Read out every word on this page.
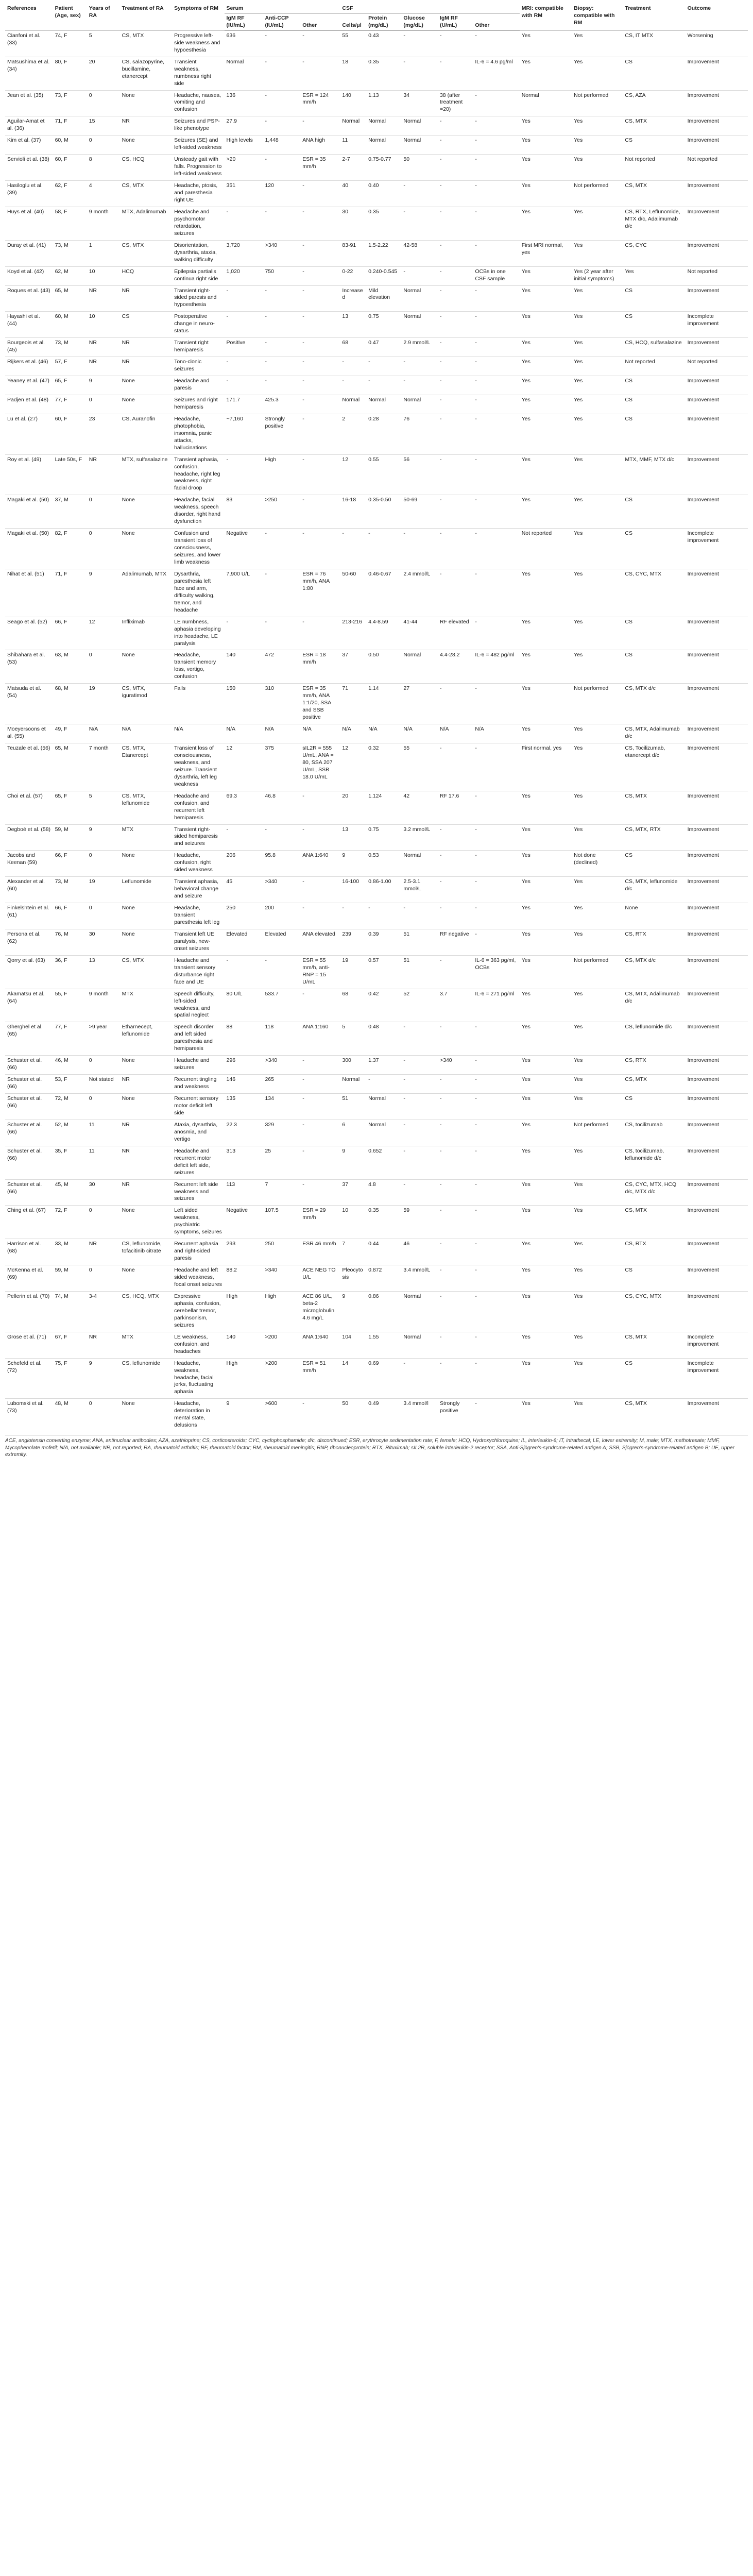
References	Patient (Age, sex)	Years of RA	Treatment of RA	Symptoms of RM	Serum			CSF					MRI: compatible with RM	Biopsy: compatible with RM	Treatment	Outcome
					IgM RF (IU/mL)	Anti-CCP (IU/mL)	Other	Cells/μl	Protein (mg/dL)	Glucose (mg/dL)	IgM RF (U/mL)	Other				
Cianfoni et al. (33)	74, F	5	CS, MTX	Progressive left-side weakness and hypoesthesia	636	-	-	55	0.43	-	-	-	Yes	Yes	CS, IT MTX	Worsening
Matsushima et al. (34)	80, F	20	CS, salazopyrine, bucillamine, etanercept	Transient weakness, numbness right side	Normal	-	-	18	0.35	-	-	IL-6 = 4.6 pg/ml	Yes	Yes	CS	Improvement
Jean et al. (35)	73, F	0	None	Headache, nausea, vomiting and confusion	136	-	ESR = 124 mm/h	140	1.13	34	38 (after treatment =20)	-	Normal	Not performed	CS, AZA	Improvement
Aguilar-Amat et al. (36)	71, F	15	NR	Seizures and PSP-like phenotype	27.9	-	-	Normal	Normal	Normal	-	-	Yes	Yes	CS, MTX	Improvement
Kim et al. (37)	60, M	0	None	Seizures (SE) and left-sided weakness	High levels	1,448	ANA high	11	Normal	Normal	-	-	Yes	Yes	CS	Improvement
Servioli et al. (38)	60, F	8	CS, HCQ	Unsteady gait with falls. Progression to left-sided weakness	>20	-	ESR = 35 mm/h	2-7	0.75-0.77	50	-	-	Yes	Yes	Not reported	Not reported
Hasiloglu et al. (39)	62, F	4	CS, MTX	Headache, ptosis, and paresthesia right UE	351	120	-	40	0.40	-	-	-	Yes	Not performed	CS, MTX	Improvement
Huys et al. (40)	58, F	9 month	MTX, Adalimumab	Headache and psychomotor retardation, seizures	-	-	-	30	0.35	-	-	-	Yes	Yes	CS, RTX, Leflunomide, MTX d/c, Adalimumab d/c	Improvement
Duray et al. (41)	73, M	1	CS, MTX	Disorientation, dysarthria, ataxia, walking difficulty	3,720	>340	-	83-91	1.5-2.22	42-58	-	-	First MRI normal, yes	Yes	CS, CYC	Improvement
Koyd et al. (42)	62, M	10	HCQ	Epilepsia partialis continua right side	1,020	750	-	0-22	0.240-0.545	-	-	OCBs in one CSF sample	Yes	Yes (2 year after initial symptoms)	Yes	Not reported
Roques et al. (43)	65, M	NR	NR	Transient right-sided paresis and hypoesthesia	-	-	-	Increased	Mild elevation	Normal	-	-	Yes	Yes	CS	Improvement
Hayashi et al. (44)	60, M	10	CS	Postoperative change in neuro-status	-	-	-	13	0.75	Normal	-	-	Yes	Yes	CS	Incomplete improvement
Bourgeois et al. (45)	73, M	NR	NR	Transient right hemiparesis	Positive	-	-	68	0.47	2.9 mmol/L	-	-	Yes	Yes	CS, HCQ, sulfasalazine	Improvement
Rijkers et al. (46)	57, F	NR	NR	Tono-clonic seizures	-	-	-	-	-	-	-	-	Yes	Yes	Not reported	Not reported
Yeaney et al. (47)	65, F	9	None	Headache and paresis	-	-	-	-	-	-	-	-	Yes	Yes	CS	Improvement
Padjen et al. (48)	77, F	0	None	Seizures and right hemiparesis	171.7	425.3	-	Normal	Normal	Normal	-	-	Yes	Yes	CS	Improvement
Lu et al. (27)	60, F	23	CS, Auranofin	Headache, photophobia, insomnia, panic attacks, hallucinations	~7,160	Strongly positive	-	2	0.28	76	-	-	Yes	Yes	CS	Improvement
Roy et al. (49)	Late 50s, F	NR	MTX, sulfasalazine	Transient aphasia, confusion, headache, right leg weakness, right facial droop	-	High	-	12	0.55	56	-	-	Yes	Yes	MTX, MMF, MTX d/c	Improvement
Magaki et al. (50)	37, M	0	None	Headache, facial weakness, speech disorder, right hand dysfunction	83	>250	-	16-18	0.35-0.50	50-69	-	-	Yes	Yes	CS	Improvement
Magaki et al. (50)	82, F	0	None	Confusion and transient loss of consciousness, seizures, and lower limb weakness	Negative	-	-	-	-	-	-	-	Not reported	Yes	CS	Incomplete improvement
Nihat et al. (51)	71, F	9	Adalimumab, MTX	Dysarthria, paresthesia left face and arm, difficulty walking, tremor, and headache	7,900 U/L	-	ESR = 76 mm/h, ANA 1:80	50-60	0.46-0.67	2.4 mmol/L	-	-	Yes	Yes	CS, CYC, MTX	Improvement
Seago et al. (52)	66, F	12	Infliximab	LE numbness, aphasia developing into headache, LE paralysis	-	-	-	213-216	4.4-8.59	41-44	RF elevated	-	Yes	Yes	CS	Improvement
Shibahara et al. (53)	63, M	0	None	Headache, transient memory loss, vertigo, confusion	140	472	ESR = 18 mm/h	37	0.50	Normal	4.4-28.2	IL-6 = 482 pg/ml	Yes	Yes	CS	Improvement
Matsuda et al. (54)	68, M	19	CS, MTX, iguratimod	Falls	150	310	ESR = 35 mm/h, ANA 1:1/20, SSA and SSB positive	71	1.14	27	-	-	Yes	Not performed	CS, MTX d/c	Improvement
Moeyersoons et al. (55)	49, F	N/A	N/A	N/A	N/A	N/A	N/A	N/A	N/A	N/A	N/A	N/A	Yes	Yes	CS, MTX, Adalimumab d/c	Improvement
Teuzale et al. (56)	65, M	7 month	CS, MTX, Etanercept	Transient loss of consciousness, weakness, and seizure. Transient dysarthria, left leg weakness	12	375	sIL2R = 555 U/mL, ANA = 80, SSA 207 U/mL, SSB 18.0 U/mL	12	0.32	55	-	-	First normal, yes	Yes	CS, Tocilizumab, etanercept d/c	Improvement
Choi et al. (57)	65, F	5	CS, MTX, leflunomide	Headache and confusion, and recurrent left hemiparesis	69.3	46.8	-	20	1.124	42	RF 17.6	-	Yes	Yes	CS, MTX	Improvement
Degboé et al. (58)	59, M	9	MTX	Transient right-sided hemiparesis and seizures	-	-	-	13	0.75	3.2 mmol/L	-	-	Yes	Yes	CS, MTX, RTX	Improvement
Jacobs and Keenan (59)	66, F	0	None	Headache, confusion, right sided weakness	206	95.8	ANA 1:640	9	0.53	Normal	-	-	Yes	Not done (declined)	CS	Improvement
Alexander et al. (60)	73, M	19	Leflunomide	Transient aphasia, behavioral change and seizure	45	>340	-	16-100	0.86-1.00	2.5-3.1 mmol/L	-	-	Yes	Yes	CS, MTX, leflunomide d/c	Improvement
Finkelshtein et al. (61)	66, F	0	None	Headache, transient paresthesia left leg	250	200	-	-	-	-	-	-	Yes	Yes	None	Improvement
Persona et al. (62)	76, M	30	None	Transient left UE paralysis, new-onset seizures	Elevated	Elevated	ANA elevated	239	0.39	51	RF negative	-	Yes	Yes	CS, RTX	Improvement
Qorry et al. (63)	36, F	13	CS, MTX	Headache and transient sensory disturbance right face and UE	-	-	ESR = 55 mm/h, anti-RNP = 15 U/mL	19	0.57	51	-	IL-6 = 363 pg/ml, OCBs	Yes	Not performed	CS, MTX d/c	Improvement
Akamatsu et al. (64)	55, F	9 month	MTX	Speech difficulty, left-sided weakness, and spatial neglect	80 U/L	533.7	-	68	0.42	52	3.7	IL-6 = 271 pg/ml	Yes	Yes	CS, MTX, Adalimumab d/c	Improvement
Gherghel et al. (65)	77, F	>9 year	Etharnecept, leflunomide	Speech disorder and left sided paresthesia and hemiparesis	88	118	ANA 1:160	5	0.48	-	-	-	Yes	Yes	CS, leflunomide d/c	Improvement
Schuster et al. (66)	46, M	0	None	Headache and seizures	296	>340	-	300	1.37	-	>340	-	Yes	Yes	CS, RTX	Improvement
Schuster et al. (66)	53, F	Not stated	NR	Recurrent tingling and weakness	146	265	-	Normal	-	-	-	-	Yes	Yes	CS, MTX	Improvement
Schuster et al. (66)	72, M	0	None	Recurrent sensory motor deficit left side	135	134	-	51	Normal	-	-	-	Yes	Yes	CS	Improvement
Schuster et al. (66)	52, M	11	NR	Ataxia, dysarthria, anosmia, and vertigo	22.3	329	-	6	Normal	-	-	-	Yes	Not performed	CS, tocilizumab	Improvement
Schuster et al. (66)	35, F	11	NR	Headache and recurrent motor deficit left side, seizures	313	25	-	9	0.652	-	-	-	Yes	Yes	CS, tocilizumab, leflunomide d/c	Improvement
Schuster et al. (66)	45, M	30	NR	Recurrent left side weakness and seizures	113	7	-	37	4.8	-	-	-	Yes	Yes	CS, CYC, MTX, HCQ d/c, MTX d/c	Improvement
Ching et al. (67)	72, F	0	None	Left sided weakness, psychiatric symptoms, seizures	Negative	107.5	ESR = 29 mm/h	10	0.35	59	-	-	Yes	Yes	CS, MTX	Improvement
Harrison et al. (68)	33, M	NR	CS, leflunomide, tofacitinib citrate	Recurrent aphasia and right-sided paresis	293	250	ESR 46 mm/h	7	0.44	46	-	-	Yes	Yes	CS, RTX	Improvement
McKenna et al. (69)	59, M	0	None	Headache and left sided weakness, focal onset seizures	88.2	>340	ACE NEG TO U/L	Pleocytosis	0.872	3.4 mmol/L	-	-	Yes	Yes	CS	Improvement
Pellerin et al. (70)	74, M	3-4	CS, HCQ, MTX	Expressive aphasia, confusion, cerebellar tremor, parkinsonism, seizures	High	High	ACE 86 U/L, beta-2 microglobulin 4.6 mg/L	9	0.86	Normal	-	-	Yes	Yes	CS, CYC, MTX	Improvement
Grose et al. (71)	67, F	NR	MTX	LE weakness, confusion, and headaches	140	>200	ANA 1:640	104	1.55	Normal	-	-	Yes	Yes	CS, MTX	Incomplete improvement
Schefeld et al. (72)	75, F	9	CS, leflunomide	Headache, weakness, headache, facial jerks, fluctuating aphasia	High	>200	ESR = 51 mm/h	14	0.69	-	-	-	Yes	Yes	CS	Incomplete improvement
Lubomski et al. (73)	48, M	0	None	Headache, deterioration in mental state, delusions	9	>600	-	50	0.49	3.4 mmol/l	Strongly positive	-	Yes	Yes	CS, MTX	Improvement
ACE, angiotensin converting enzyme; ANA, antinuclear antibodies; AZA, azathioprine; CS, corticosteroids; CYC, cyclophosphamide; d/c, discontinued; ESR, erythrocyte sedimentation rate; F, female; HCQ, Hydroxychloroquine; IL, interleukin-6; IT, intrathecal; LE, lower extremity; M, male; MTX, methotrexate; MMF, Mycophenolate mofetil; N/A, not available; NR, not reported; RA, rheumatoid arthritis; RF, rheumatoid factor; RM, rheumatoid meningitis; RNP, ribonucleoprotein; RTX, Rituximab; sIL2R, soluble interleukin-2 receptor; SSA, Anti-Sjögren's-syndrome-related antigen A; SSB, Sjögren's-syndrome-related antigen B; UE, upper extremity.
